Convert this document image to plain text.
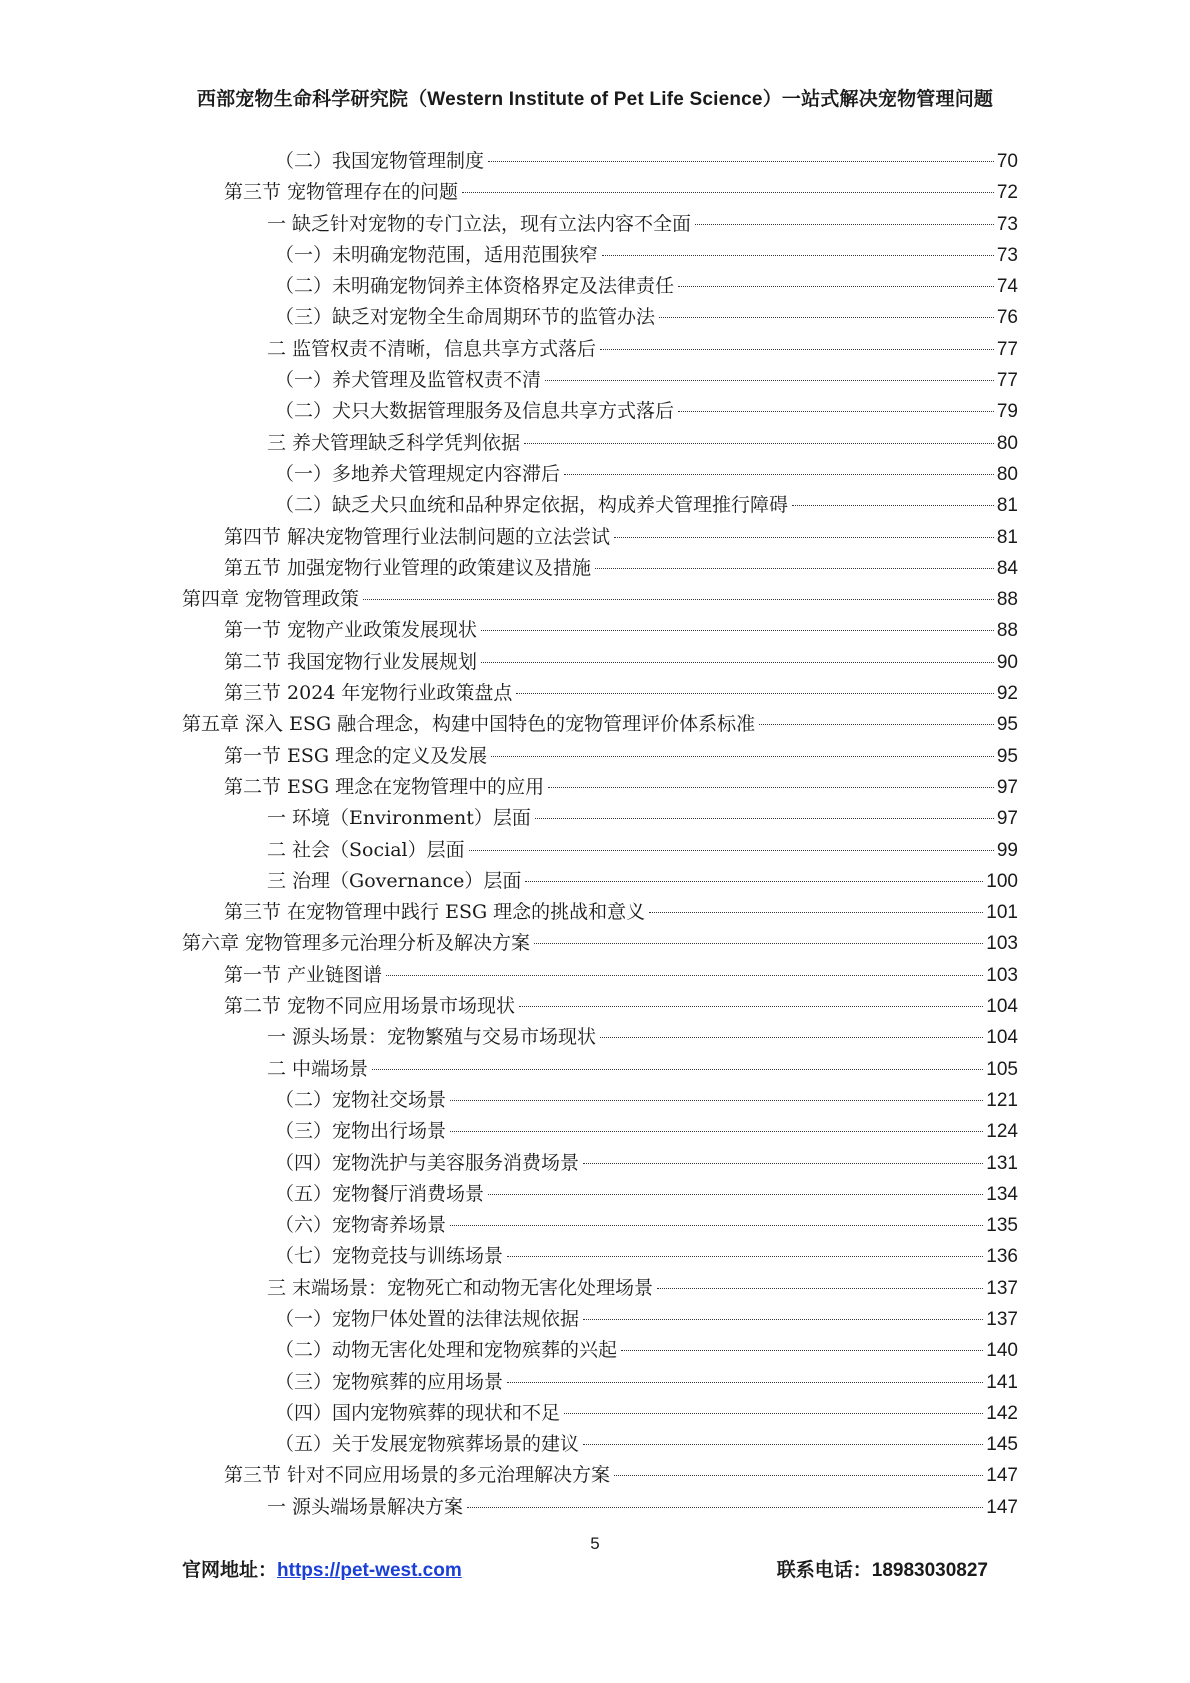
西部宠物生命科学研究院（Western Institute of Pet Life Science）一站式解决宠物管理问题
（二）我国宠物管理制度	70
第三节 宠物管理存在的问题	72
一 缺乏针对宠物的专门立法，现有立法内容不全面	73
（一）未明确宠物范围，适用范围狭窄	73
（二）未明确宠物饲养主体资格界定及法律责任	74
（三）缺乏对宠物全生命周期环节的监管办法	76
二 监管权责不清晰，信息共享方式落后	77
（一）养犬管理及监管权责不清	77
（二）犬只大数据管理服务及信息共享方式落后	79
三 养犬管理缺乏科学凭判依据	80
（一）多地养犬管理规定内容滞后	80
（二）缺乏犬只血统和品种界定依据，构成养犬管理推行障碍	81
第四节 解决宠物管理行业法制问题的立法尝试	81
第五节 加强宠物行业管理的政策建议及措施	84
第四章 宠物管理政策	88
第一节 宠物产业政策发展现状	88
第二节 我国宠物行业发展规划	90
第三节 2024 年宠物行业政策盘点	92
第五章 深入 ESG 融合理念，构建中国特色的宠物管理评价体系标准	95
第一节 ESG 理念的定义及发展	95
第二节 ESG 理念在宠物管理中的应用	97
一 环境（Environment）层面	97
二 社会（Social）层面	99
三 治理（Governance）层面	100
第三节 在宠物管理中践行 ESG 理念的挑战和意义	101
第六章 宠物管理多元治理分析及解决方案	103
第一节 产业链图谱	103
第二节 宠物不同应用场景市场现状	104
一 源头场景：宠物繁殖与交易市场现状	104
二 中端场景	105
（二）宠物社交场景	121
（三）宠物出行场景	124
（四）宠物洗护与美容服务消费场景	131
（五）宠物餐厅消费场景	134
（六）宠物寄养场景	135
（七）宠物竞技与训练场景	136
三 末端场景：宠物死亡和动物无害化处理场景	137
（一）宠物尸体处置的法律法规依据	137
（二）动物无害化处理和宠物殡葬的兴起	140
（三）宠物殡葬的应用场景	141
（四）国内宠物殡葬的现状和不足	142
（五）关于发展宠物殡葬场景的建议	145
第三节 针对不同应用场景的多元治理解决方案	147
一 源头端场景解决方案	147
5
官网地址：https://pet-west.com	联系电话：18983030827
